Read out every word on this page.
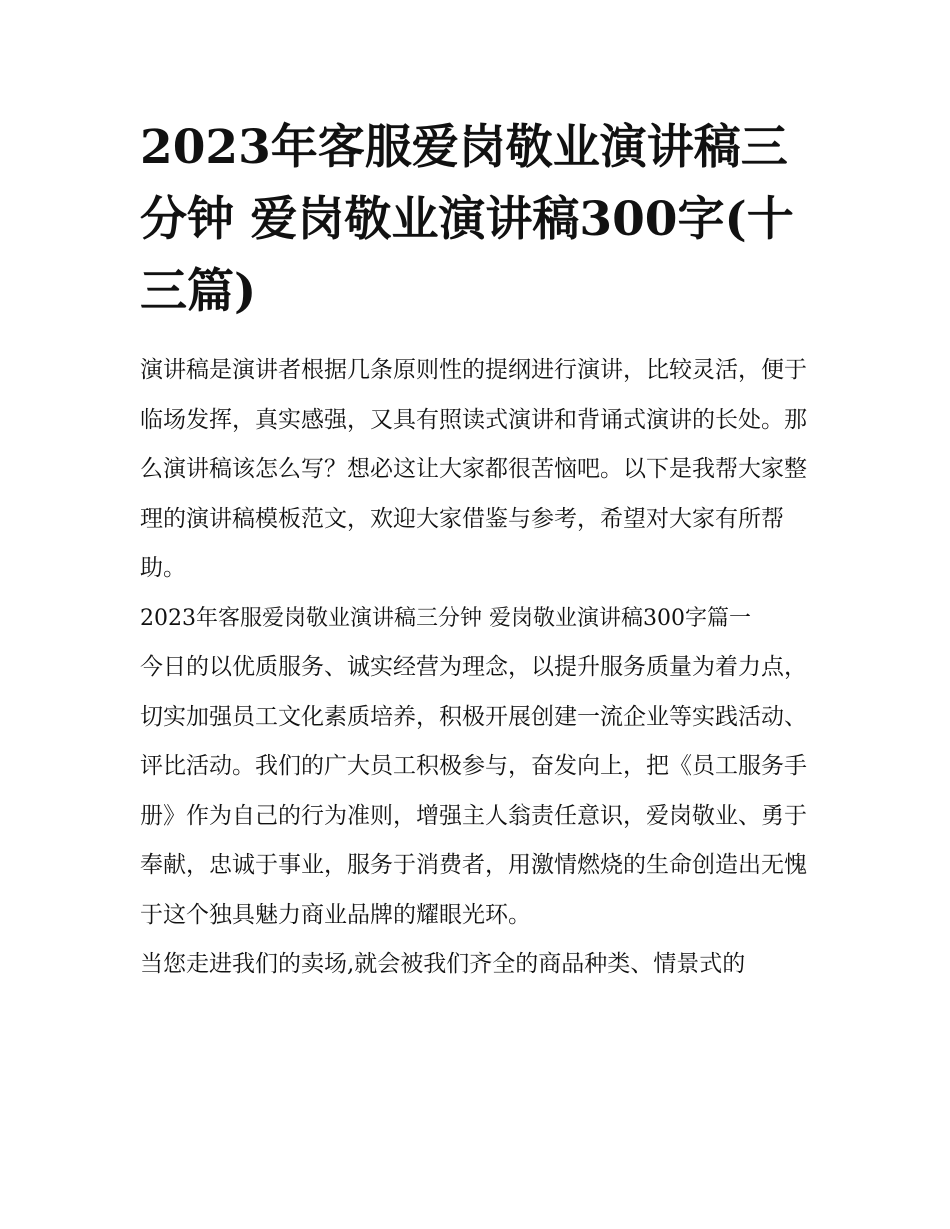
2023年客服爱岗敬业演讲稿三分钟 爱岗敬业演讲稿300字(十三篇)

演讲稿是演讲者根据几条原则性的提纲进行演讲，比较灵活，便于临场发挥，真实感强，又具有照读式演讲和背诵式演讲的长处。那么演讲稿该怎么写？想必这让大家都很苦恼吧。以下是我帮大家整理的演讲稿模板范文，欢迎大家借鉴与参考，希望对大家有所帮助。

2023年客服爱岗敬业演讲稿三分钟 爱岗敬业演讲稿300字篇一

今日的以优质服务、诚实经营为理念，以提升服务质量为着力点，切实加强员工文化素质培养，积极开展创建一流企业等实践活动、评比活动。我们的广大员工积极参与，奋发向上，把《员工服务手册》作为自己的行为准则，增强主人翁责任意识，爱岗敬业、勇于奉献，忠诚于事业，服务于消费者，用激情燃烧的生命创造出无愧于这个独具魅力商业品牌的耀眼光环。

当您走进我们的卖场,就会被我们齐全的商品种类、情景式的
